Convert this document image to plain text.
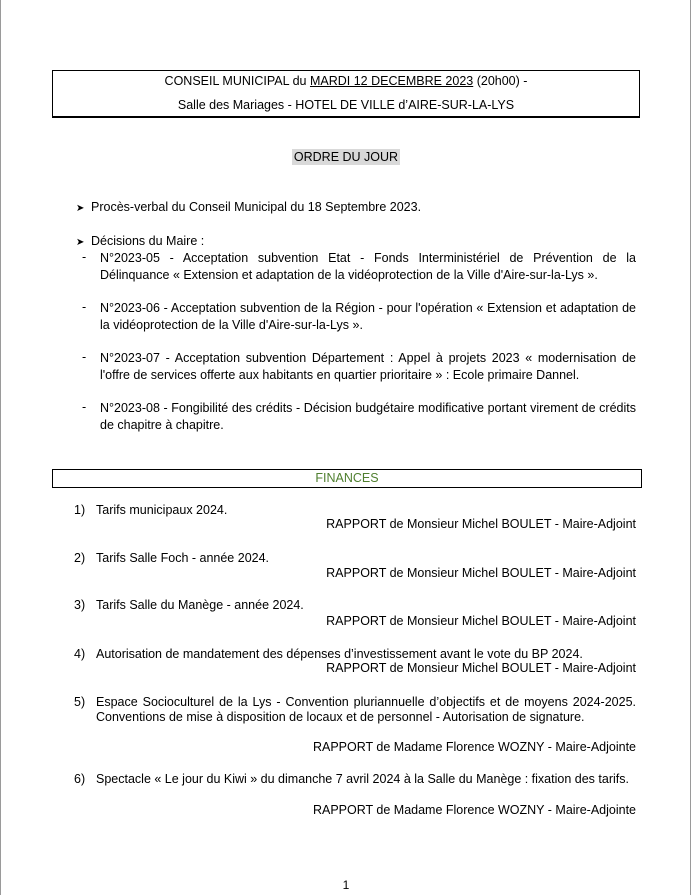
CONSEIL MUNICIPAL du MARDI 12 DECEMBRE 2023 (20h00) -
Salle des Mariages - HOTEL DE VILLE d’AIRE-SUR-LA-LYS
ORDRE DU JOUR
➤ Procès-verbal du Conseil Municipal du 18 Septembre 2023.
➤ Décisions du Maire :
- N°2023-05 - Acceptation subvention Etat - Fonds Interministériel de Prévention de la Délinquance « Extension et adaptation de la vidéoprotection de la Ville d'Aire-sur-la-Lys ».
- N°2023-06 - Acceptation subvention de la Région - pour l'opération « Extension et adaptation de la vidéoprotection de la Ville d'Aire-sur-la-Lys ».
- N°2023-07 - Acceptation subvention Département : Appel à projets 2023 « modernisation de l'offre de services offerte aux habitants en quartier prioritaire » : Ecole primaire Dannel.
- N°2023-08 - Fongibilité des crédits - Décision budgétaire modificative portant virement de crédits de chapitre à chapitre.
FINANCES
1) Tarifs municipaux 2024.
RAPPORT de Monsieur Michel BOULET - Maire-Adjoint
2) Tarifs Salle Foch - année 2024.
RAPPORT de Monsieur Michel BOULET - Maire-Adjoint
3) Tarifs Salle du Manège - année 2024.
RAPPORT de Monsieur Michel BOULET - Maire-Adjoint
4) Autorisation de mandatement des dépenses d’investissement avant le vote du BP 2024.
RAPPORT de Monsieur Michel BOULET - Maire-Adjoint
5) Espace Socioculturel de la Lys - Convention pluriannuelle d’objectifs et de moyens 2024-2025. Conventions de mise à disposition de locaux et de personnel - Autorisation de signature.
RAPPORT de Madame Florence WOZNY - Maire-Adjointe
6) Spectacle « Le jour du Kiwi » du dimanche 7 avril 2024 à la Salle du Manège : fixation des tarifs.
RAPPORT de Madame Florence WOZNY - Maire-Adjointe
1
